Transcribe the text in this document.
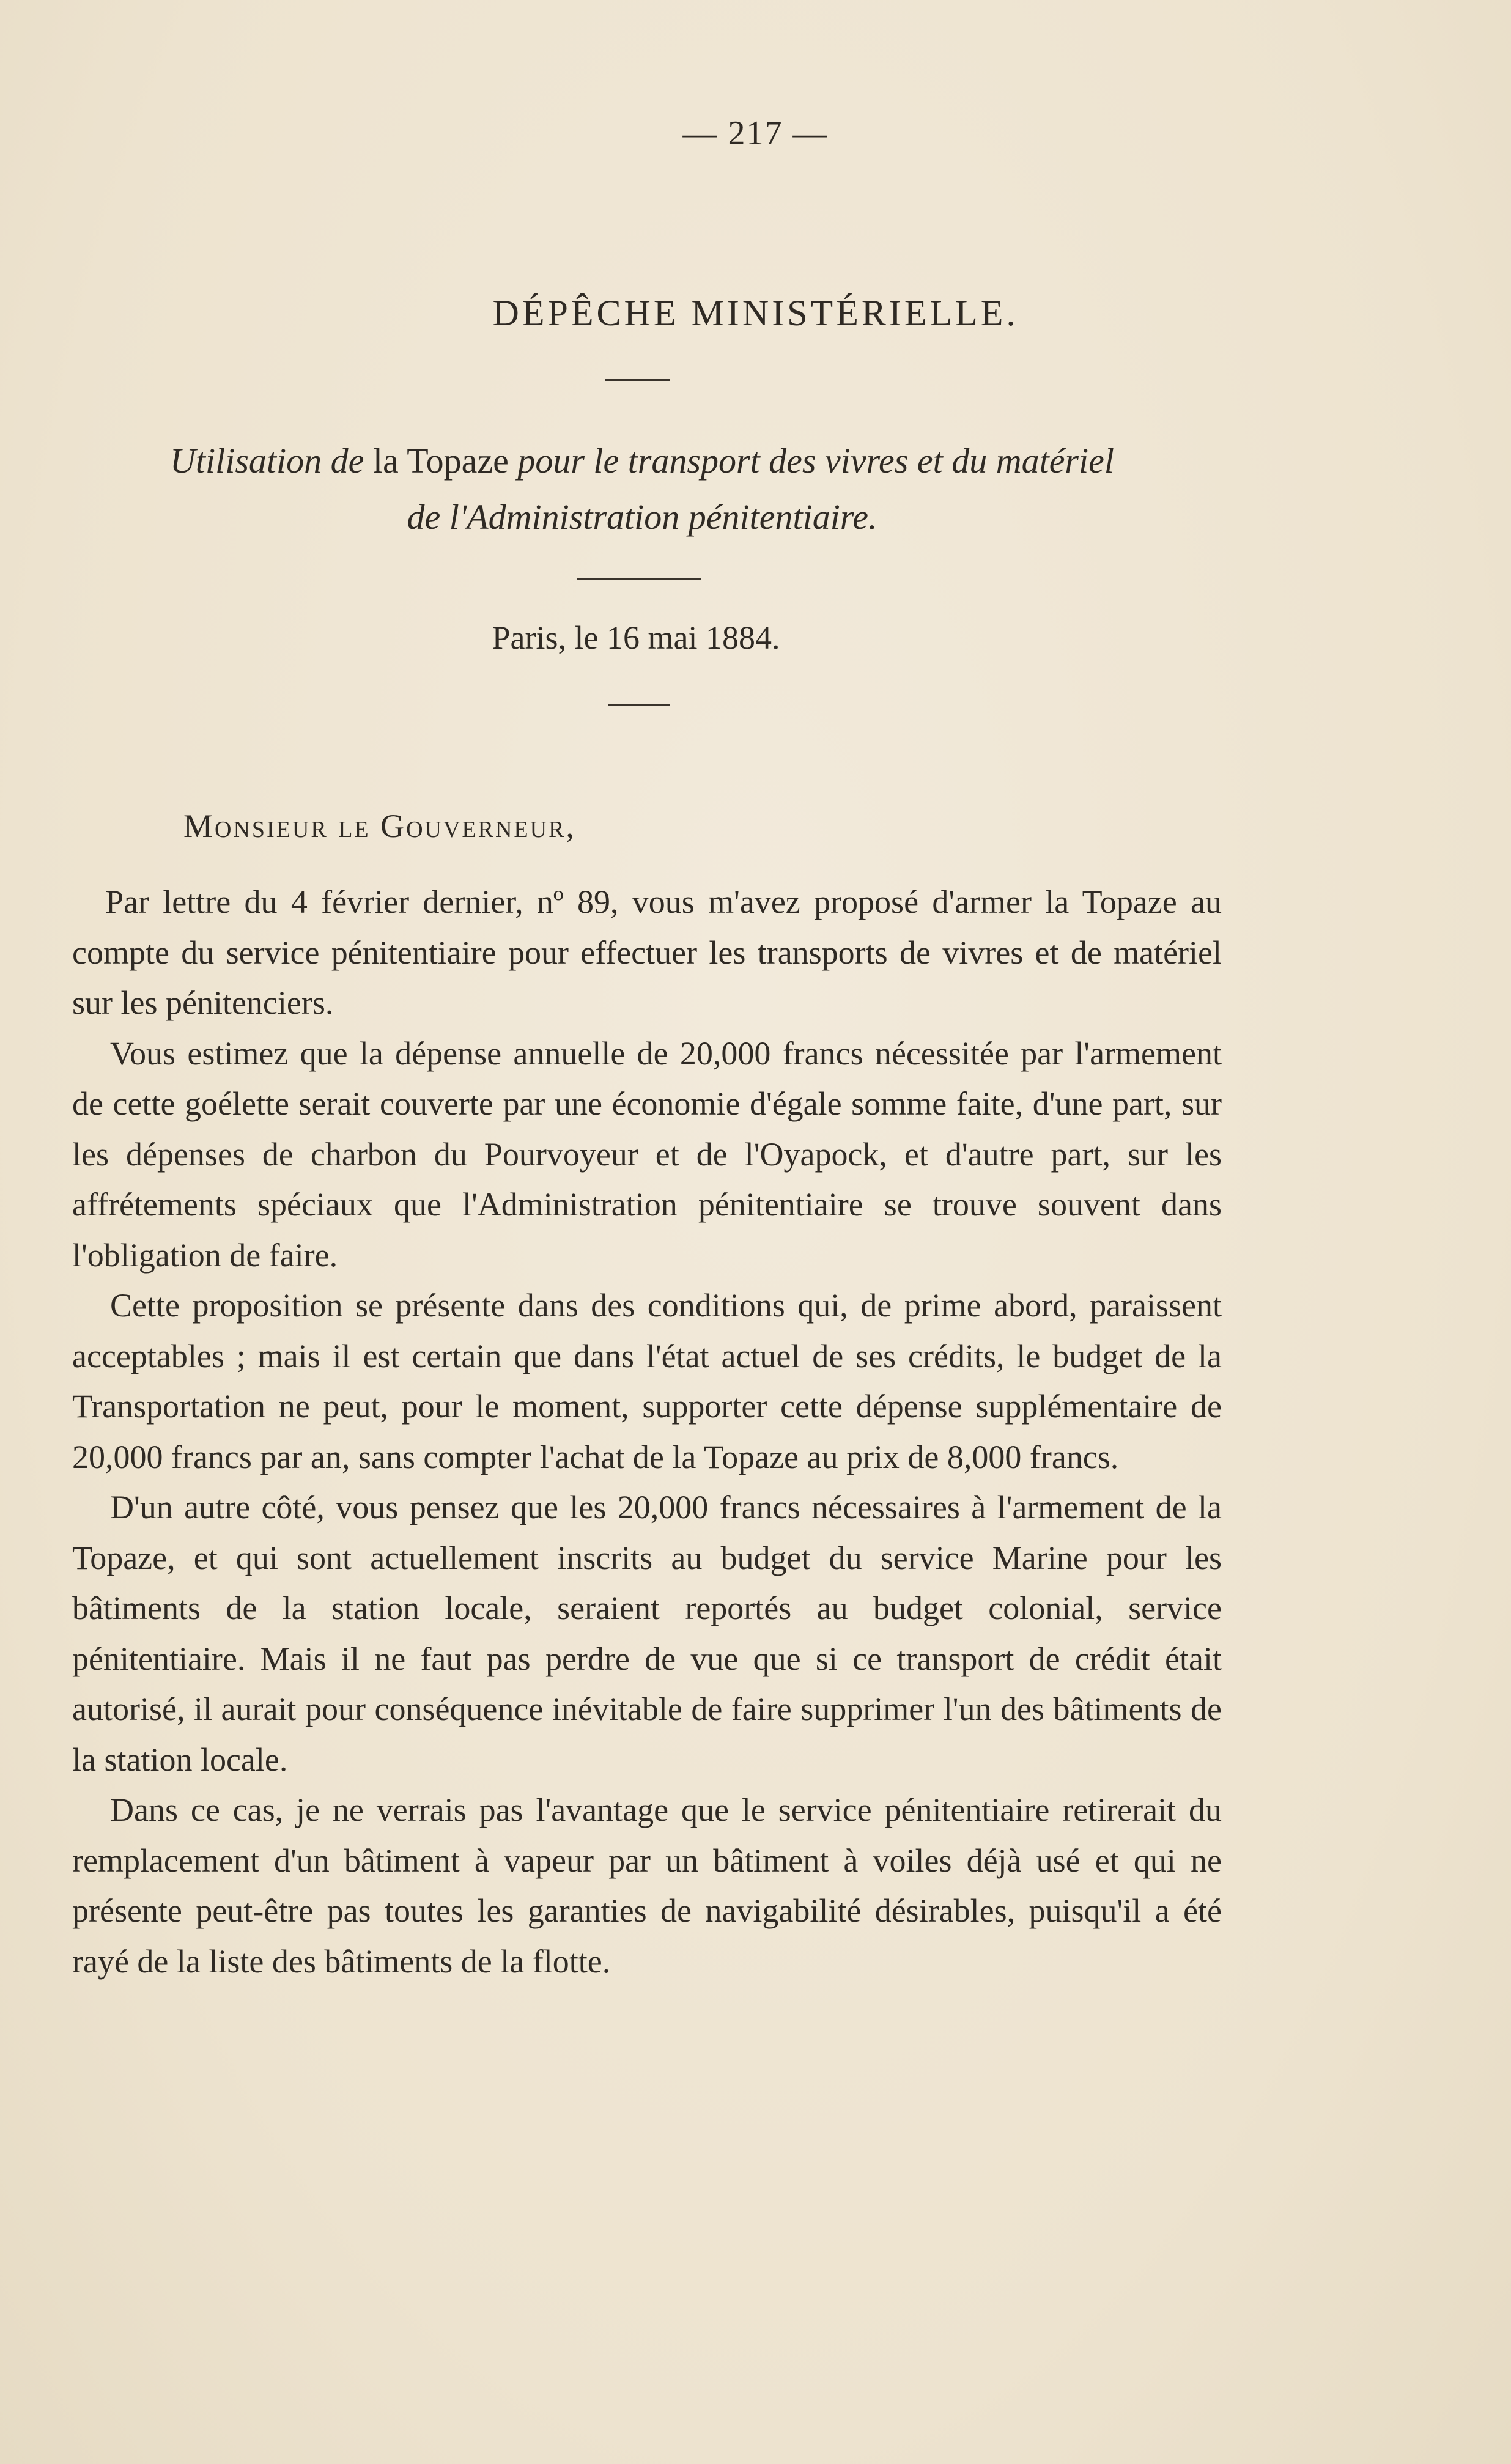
— 217 —
DÉPÊCHE MINISTÉRIELLE.
Utilisation de la Topaze pour le transport des vivres et du matériel
de l'Administration pénitentiaire.
Paris, le 16 mai 1884.
Monsieur le Gouverneur,

Par lettre du 4 février dernier, nº 89, vous m'avez proposé d'armer la Topaze au compte du service pénitentiaire pour effectuer les transports de vivres et de matériel sur les pénitenciers.

Vous estimez que la dépense annuelle de 20,000 francs nécessitée par l'armement de cette goélette serait couverte par une économie d'égale somme faite, d'une part, sur les dépenses de charbon du Pourvoyeur et de l'Oyapock, et d'autre part, sur les affrétements spéciaux que l'Administration pénitentiaire se trouve souvent dans l'obligation de faire.

Cette proposition se présente dans des conditions qui, de prime abord, paraissent acceptables ; mais il est certain que dans l'état actuel de ses crédits, le budget de la Transportation ne peut, pour le moment, supporter cette dépense supplémentaire de 20,000 francs par an, sans compter l'achat de la Topaze au prix de 8,000 francs.

D'un autre côté, vous pensez que les 20,000 francs nécessaires à l'armement de la Topaze, et qui sont actuellement inscrits au budget du service Marine pour les bâtiments de la station locale, seraient reportés au budget colonial, service pénitentiaire. Mais il ne faut pas perdre de vue que si ce transport de crédit était autorisé, il aurait pour conséquence inévitable de faire supprimer l'un des bâtiments de la station locale.

Dans ce cas, je ne verrais pas l'avantage que le service pénitentiaire retirerait du remplacement d'un bâtiment à vapeur par un bâtiment à voiles déjà usé et qui ne présente peut-être pas toutes les garanties de navigabilité désirables, puisqu'il a été rayé de la liste des bâtiments de la flotte.
